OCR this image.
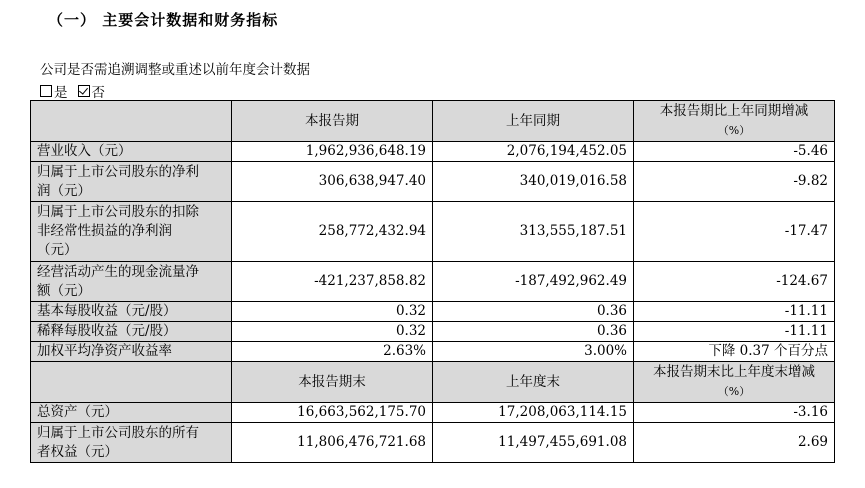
（一） 主要会计数据和财务指标
公司是否需追溯调整或重述以前年度会计数据
是 否
	本报告期	上年同期	本报告期比上年同期增减
（%）

营业收入（元）	1,962,936,648.19	2,076,194,452.05	-5.46

归属于上市公司股东的净利
润（元）	306,638,947.40	340,019,016.58	-9.82

归属于上市公司股东的扣除
非经常性损益的净利润
（元）	258,772,432.94	313,555,187.51	-17.47

经营活动产生的现金流量净
额（元）	-421,237,858.82	-187,492,962.49	-124.67
基本每股收益（元/股）	0.32	0.36	-11.11
稀释每股收益（元/股）	0.32	0.36	-11.11
加权平均净资产收益率	2.63%	3.00%	下降 0.37 个百分点
	本报告期末	上年度末	本报告期末比上年度末增减
（%）

总资产（元）	16,663,562,175.70	17,208,063,114.15	-3.16

归属于上市公司股东的所有
者权益（元）	11,806,476,721.68	11,497,455,691.08	2.69
